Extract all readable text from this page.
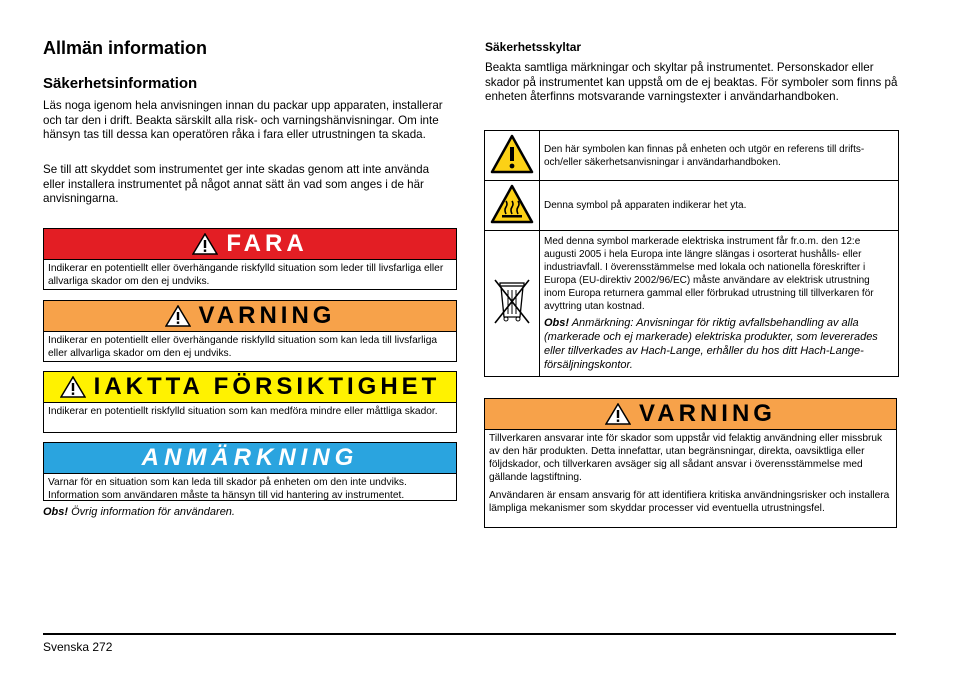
Allmän information
Säkerhetsinformation

Läs noga igenom hela anvisningen innan du packar upp apparaten, installerar och tar den i drift. Beakta särskilt alla risk- och varningshänvisningar. Om inte hänsyn tas till dessa kan operatören råka i fara eller utrustningen ta skada.

Se till att skyddet som instrumentet ger inte skadas genom att inte använda eller installera instrumentet på något annat sätt än vad som anges i de här anvisningarna.

FARA
Indikerar en potentiellt eller överhängande riskfylld situation som leder till livsfarliga eller allvarliga skador om den ej undviks.
VARNING
Indikerar en potentiellt eller överhängande riskfylld situation som kan leda till livsfarliga eller allvarliga skador om den ej undviks.
IAKTTA FÖRSIKTIGHET
Indikerar en potentiellt riskfylld situation som kan medföra mindre eller måttliga skador.
ANMÄRKNING
Varnar för en situation som kan leda till skador på enheten om den inte undviks. Information som användaren måste ta hänsyn till vid hantering av instrumentet.
Obs! Övrig information för användaren.
Säkerhetsskyltar

Beakta samtliga märkningar och skyltar på instrumentet. Personskador eller skador på instrumentet kan uppstå om de ej beaktas. För symboler som finns på enheten återfinns motsvarande varningstexter i användarhandboken.

	Den här symbolen kan finnas på enheten och utgör en referens till drifts- och/eller säkerhetsanvisningar i användarhandboken.
	Denna symbol på apparaten indikerar het yta.

Med denna symbol markerade elektriska instrument får fr.o.m. den 12:e augusti 2005 i hela Europa inte längre slängas i osorterat hushålls- eller industriavfall. I överensstämmelse med lokala och nationella föreskrifter i Europa (EU-direktiv 2002/96/EC) måste användare av elektrisk utrustning inom Europa returnera gammal eller förbrukad utrustning till tillverkaren för avyttring utan kostnad.
Obs! Anmärkning: Anvisningar för riktig avfallsbehandling av alla (markerade och ej markerade) elektriska produkter, som levererades eller tillverkades av Hach-Lange, erhåller du hos ditt Hach-Lange-försäljningskontor.
VARNING
Tillverkaren ansvarar inte för skador som uppstår vid felaktig användning eller missbruk av den här produkten. Detta innefattar, utan begränsningar, direkta, oavsiktliga eller följdskador, och tillverkaren avsäger sig all sådant ansvar i överensstämmelse med gällande lagstiftning.
Användaren är ensam ansvarig för att identifiera kritiska användningsrisker och installera lämpliga mekanismer som skyddar processer vid eventuella utrustningsfel.
Svenska 272
